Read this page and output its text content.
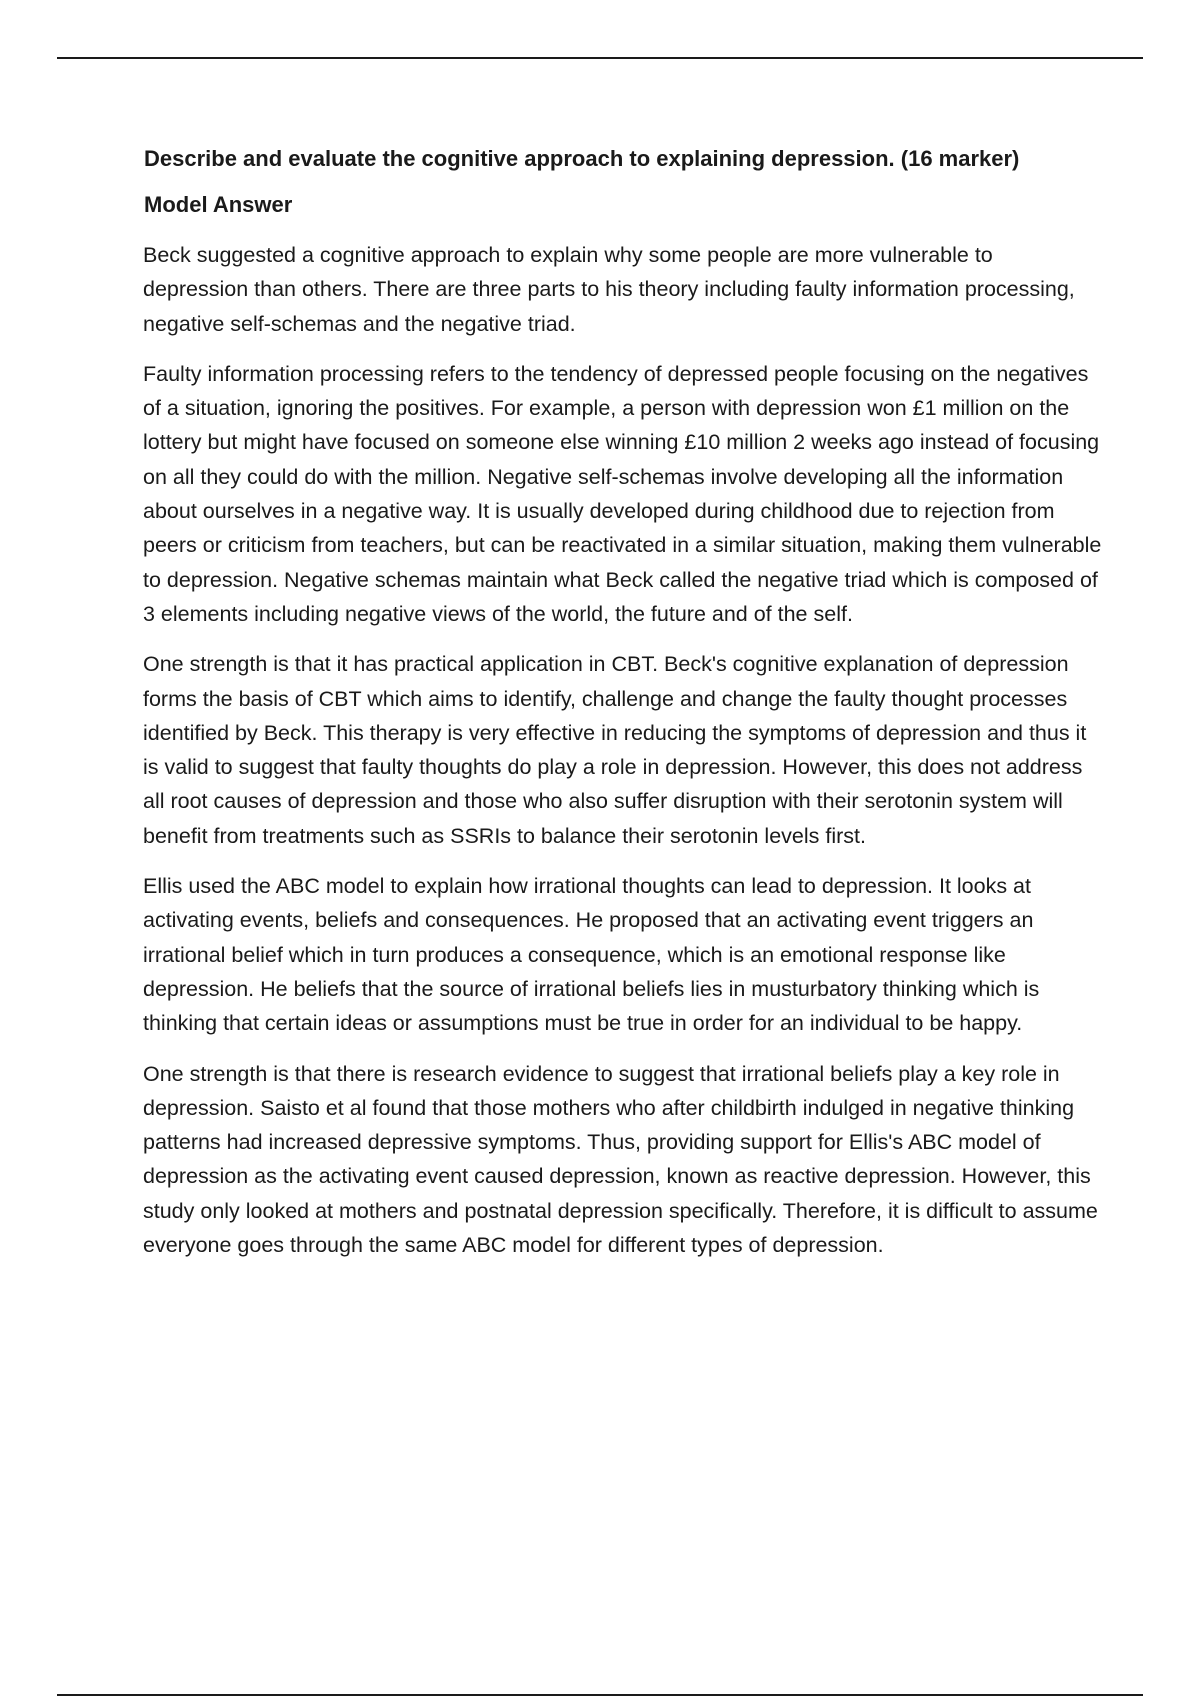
Describe and evaluate the cognitive approach to explaining depression. (16 marker)
Model Answer

Beck suggested a cognitive approach to explain why some people are more vulnerable to depression than others. There are three parts to his theory including faulty information processing, negative self-schemas and the negative triad.

Faulty information processing refers to the tendency of depressed people focusing on the negatives of a situation, ignoring the positives. For example, a person with depression won £1 million on the lottery but might have focused on someone else winning £10 million 2 weeks ago instead of focusing on all they could do with the million. Negative self-schemas involve developing all the information about ourselves in a negative way. It is usually developed during childhood due to rejection from peers or criticism from teachers, but can be reactivated in a similar situation, making them vulnerable to depression. Negative schemas maintain what Beck called the negative triad which is composed of 3 elements including negative views of the world, the future and of the self.

One strength is that it has practical application in CBT. Beck's cognitive explanation of depression forms the basis of CBT which aims to identify, challenge and change the faulty thought processes identified by Beck. This therapy is very effective in reducing the symptoms of depression and thus it is valid to suggest that faulty thoughts do play a role in depression. However, this does not address all root causes of depression and those who also suffer disruption with their serotonin system will benefit from treatments such as SSRIs to balance their serotonin levels first.

Ellis used the ABC model to explain how irrational thoughts can lead to depression. It looks at activating events, beliefs and consequences. He proposed that an activating event triggers an irrational belief which in turn produces a consequence, which is an emotional response like depression. He beliefs that the source of irrational beliefs lies in musturbatory thinking which is thinking that certain ideas or assumptions must be true in order for an individual to be happy.

One strength is that there is research evidence to suggest that irrational beliefs play a key role in depression. Saisto et al found that those mothers who after childbirth indulged in negative thinking patterns had increased depressive symptoms. Thus, providing support for Ellis's ABC model of depression as the activating event caused depression, known as reactive depression. However, this study only looked at mothers and postnatal depression specifically. Therefore, it is difficult to assume everyone goes through the same ABC model for different types of depression.
